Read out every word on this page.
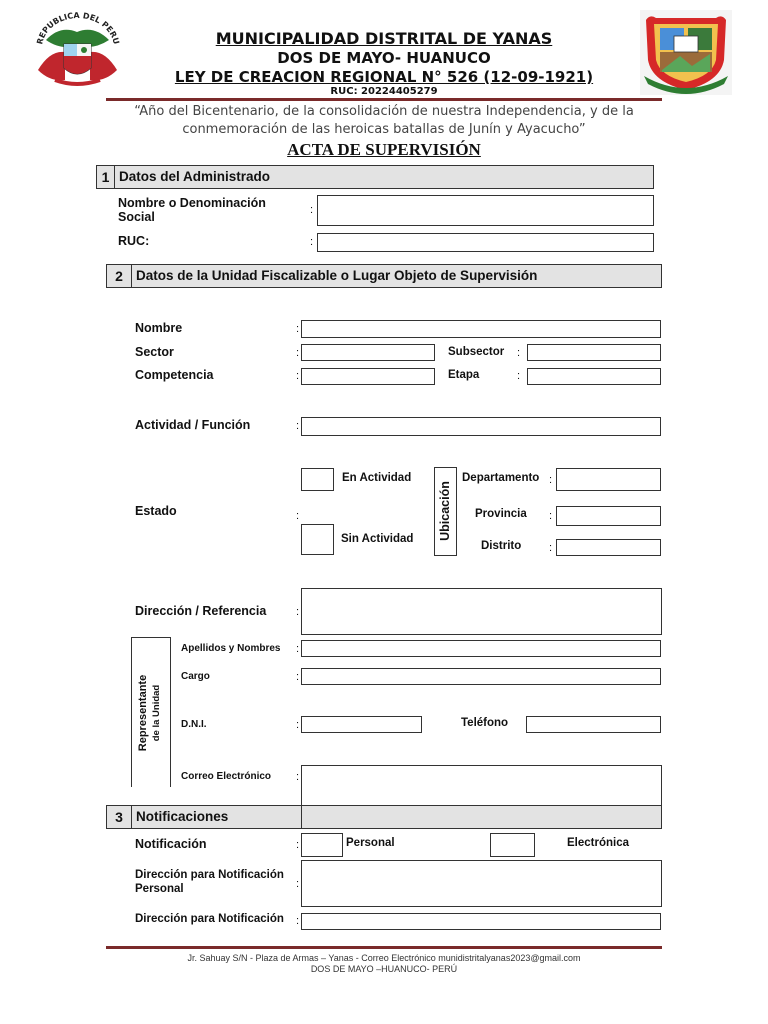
REPUBLICA DEL PERU	MUNICIPALIDAD DISTRITAL DE YANAS
DOS DE MAYO- HUANUCO
LEY DE CREACION REGIONAL N° 526 (12-09-1921)
RUC: 20224405279
“Año del Bicentenario, de la consolidación de nuestra Independencia, y de la
conmemoración de las heroicas batallas de Junín y Ayacucho”
ACTA DE SUPERVISIÓN
1 Datos del Administrado
Nombre o Denominación
Social	:
RUC:	:
2 Datos de la Unidad Fiscalizable o Lugar Objeto de Supervisión
Nombre	:
Sector	:	Subsector :
Competencia	:	Etapa	:
Actividad / Función	:
Estado	:
En Actividad
Sin Actividad Ubicación
Departamento :
Provincia :
Distrito	:
Dirección / Referencia	:
Representante de la Unidad
Apellidos y Nombres :
Cargo	:
D.N.I.	:	Teléfono
Correo Electrónico :
3 Notificaciones
Notificación	:	Personal	Electrónica
Dirección para Notificación
Personal	:
Dirección para Notificación :
Jr. Sahuay S/N - Plaza de Armas – Yanas - Correo Electrónico munidistritalyanas2023@gmail.com
DOS DE MAYO –HUANUCO- PERÚ
